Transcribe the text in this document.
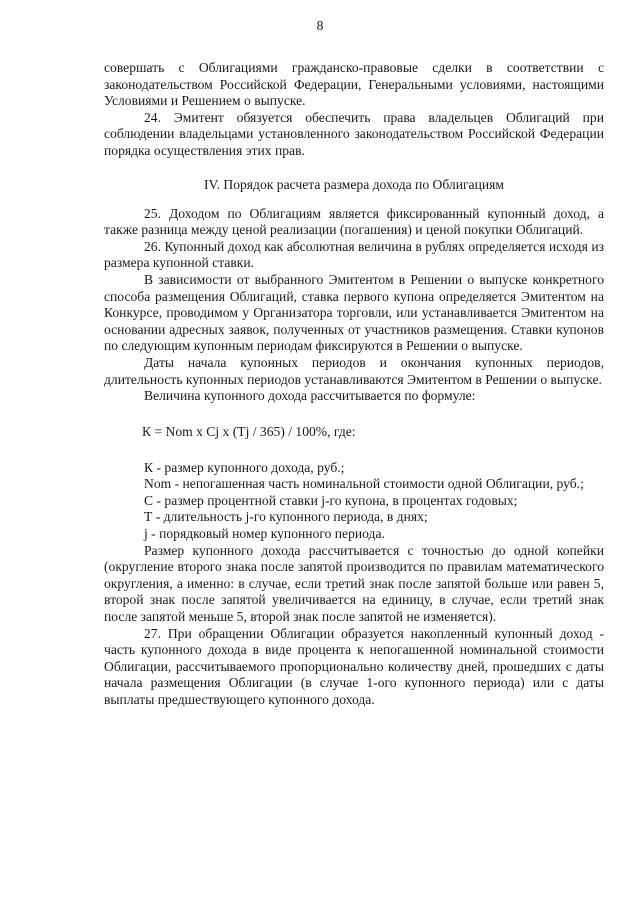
8

совершать с Облигациями гражданско-правовые сделки в соответствии с законодательством Российской Федерации, Генеральными условиями, настоящими Условиями и Решением о выпуске.

24. Эмитент обязуется обеспечить права владельцев Облигаций при соблюдении владельцами установленного законодательством Российской Федерации порядка осуществления этих прав.

IV. Порядок расчета размера дохода по Облигациям

25. Доходом по Облигациям является фиксированный купонный доход, а также разница между ценой реализации (погашения) и ценой покупки Облигаций.

26. Купонный доход как абсолютная величина в рублях определяется исходя из размера купонной ставки.

В зависимости от выбранного Эмитентом в Решении о выпуске конкретного способа размещения Облигаций, ставка первого купона определяется Эмитентом на Конкурсе, проводимом у Организатора торговли, или устанавливается Эмитентом на основании адресных заявок, полученных от участников размещения. Ставки купонов по следующим купонным периодам фиксируются в Решении о выпуске.

Даты начала купонных периодов и окончания купонных периодов, длительность купонных периодов устанавливаются Эмитентом в Решении о выпуске.

Величина купонного дохода рассчитывается по формуле:

К = Nom х Cj х (Tj / 365) / 100%, где:

К - размер купонного дохода, руб.;

Nom - непогашенная часть номинальной стоимости одной Облигации, руб.;

С - размер процентной ставки j-го купона, в процентах годовых;

Т - длительность j-го купонного периода, в днях;

j - порядковый номер купонного периода.

Размер купонного дохода рассчитывается с точностью до одной копейки (округление второго знака после запятой производится по правилам математического округления, а именно: в случае, если третий знак после запятой больше или равен 5, второй знак после запятой увеличивается на единицу, в случае, если третий знак после запятой меньше 5, второй знак после запятой не изменяется).

27. При обращении Облигации образуется накопленный купонный доход - часть купонного дохода в виде процента к непогашенной номинальной стоимости Облигации, рассчитываемого пропорционально количеству дней, прошедших с даты начала размещения Облигации (в случае 1-ого купонного периода) или с даты выплаты предшествующего купонного дохода.
